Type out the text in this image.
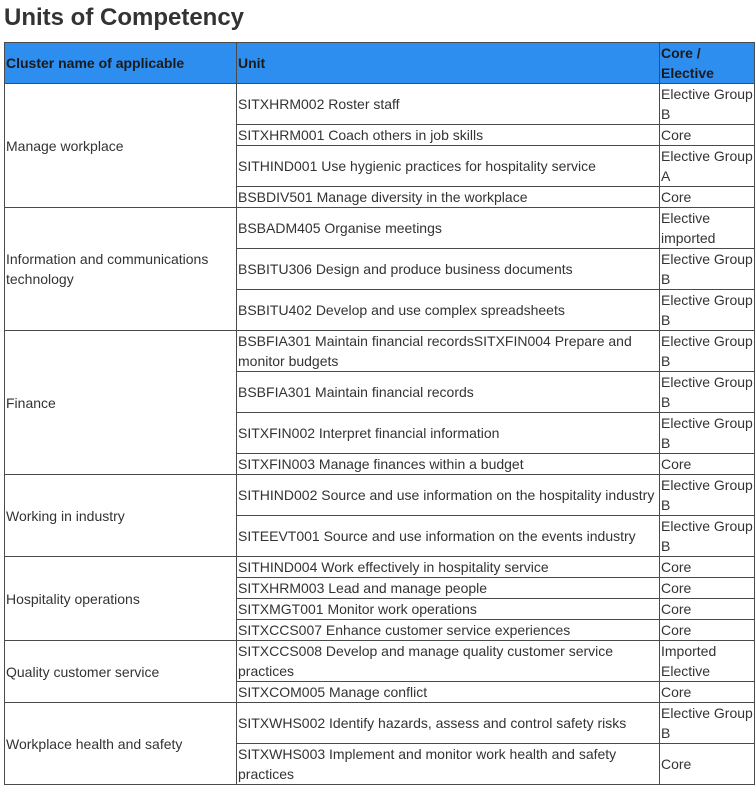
Units of Competency
Cluster name of applicable	Unit	Core / Elective
Manage workplace	SITXHRM002 Roster staff	Elective Group B
	SITXHRM001 Coach others in job skills	Core
	SITHIND001 Use hygienic practices for hospitality service	Elective Group A
	BSBDIV501 Manage diversity in the workplace	Core
Information and communications technology	BSBADM405 Organise meetings	Elective imported
	BSBITU306 Design and produce business documents	Elective Group B
	BSBITU402 Develop and use complex spreadsheets	Elective Group B
Finance	BSBFIA301 Maintain financial recordsSITXFIN004 Prepare and monitor budgets	Elective Group B
	BSBFIA301 Maintain financial records	Elective Group B
	SITXFIN002 Interpret financial information	Elective Group B
	SITXFIN003 Manage finances within a budget	Core
Working in industry	SITHIND002 Source and use information on the hospitality industry	Elective Group B
	SITEEVT001 Source and use information on the events industry	Elective Group B
Hospitality operations	SITHIND004 Work effectively in hospitality service	Core
	SITXHRM003 Lead and manage people	Core
	SITXMGT001 Monitor work operations	Core
	SITXCCS007 Enhance customer service experiences	Core
Quality customer service	SITXCCS008 Develop and manage quality customer service practices	Imported Elective
	SITXCOM005 Manage conflict	Core
Workplace health and safety	SITXWHS002 Identify hazards, assess and control safety risks	Elective Group B
	SITXWHS003 Implement and monitor work health and safety practices	Core
